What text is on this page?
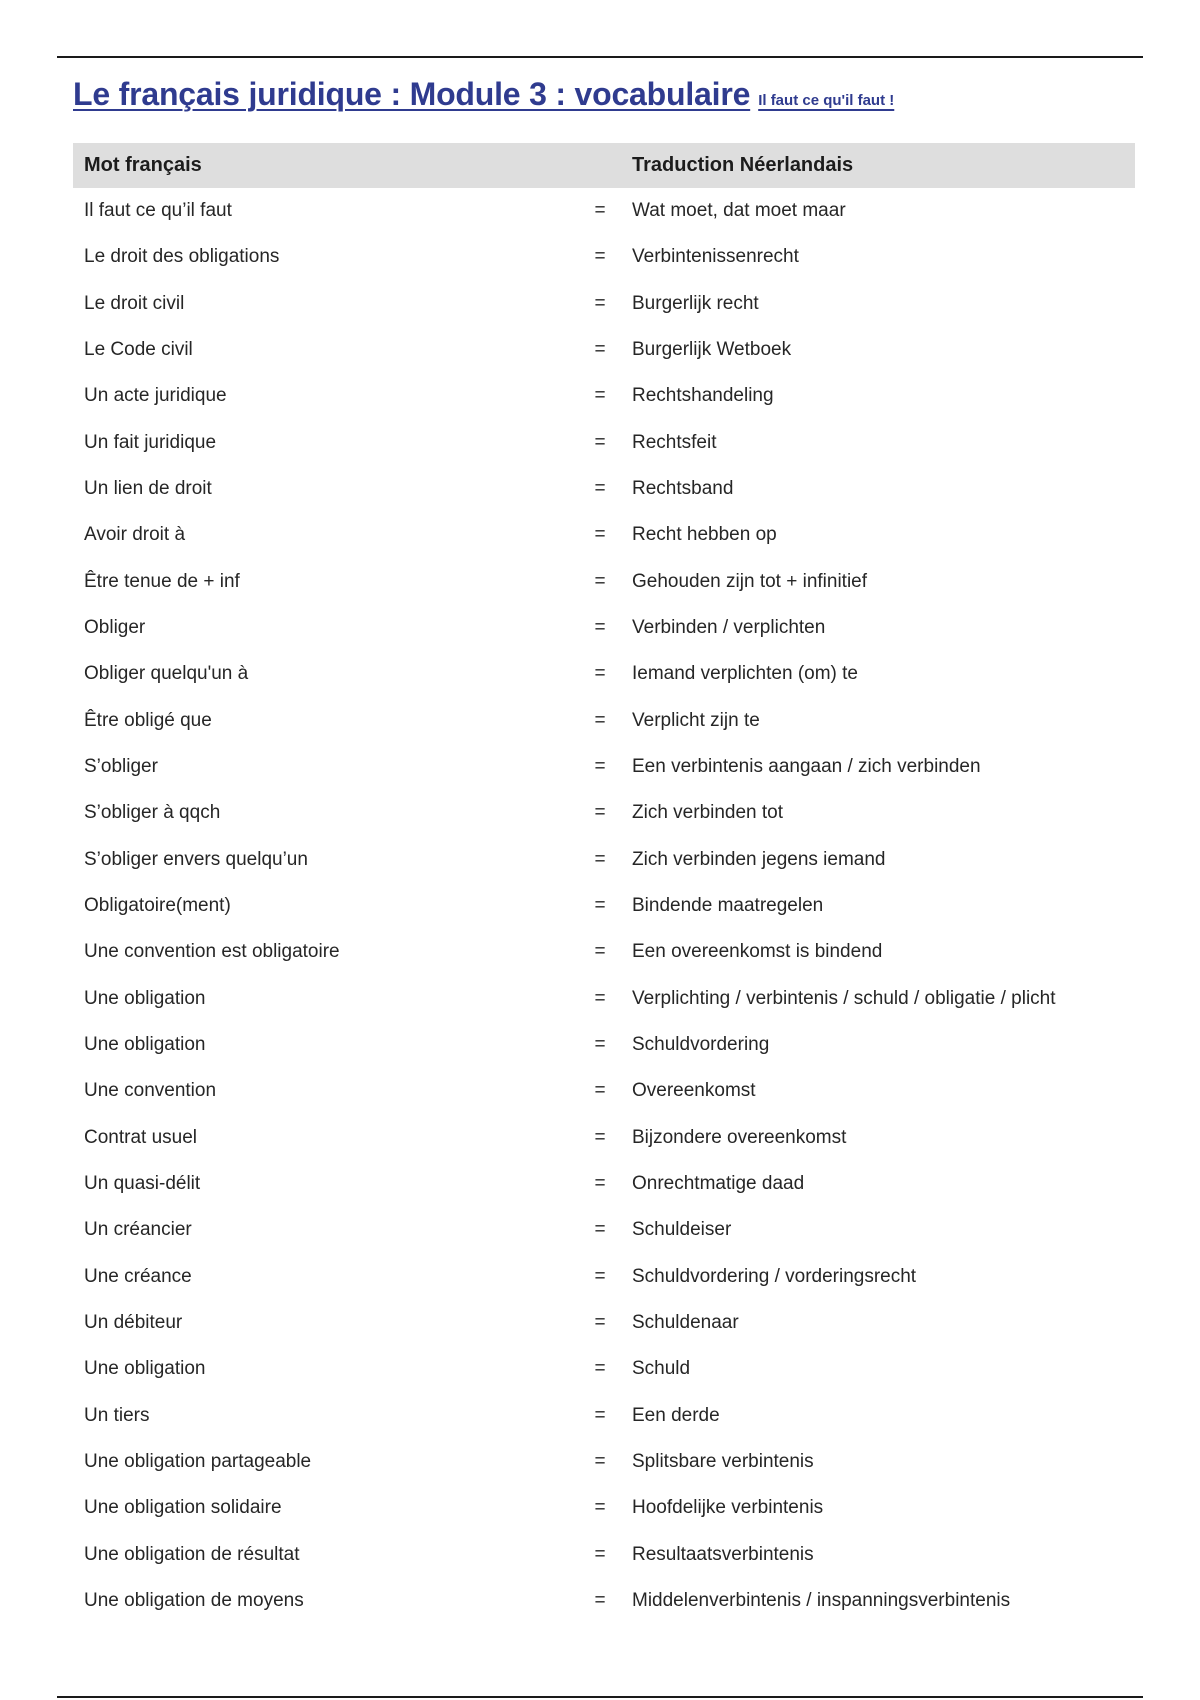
Le français juridique : Module 3 : vocabulaire Il faut ce qu'il faut !
Mot français	Traduction Néerlandais
Il faut ce qu’il faut	=	Wat moet, dat moet maar
Le droit des obligations	=	Verbintenissenrecht
Le droit civil	=	Burgerlijk recht
Le Code civil	=	Burgerlijk Wetboek
Un acte juridique	=	Rechtshandeling
Un fait juridique	=	Rechtsfeit
Un lien de droit	=	Rechtsband
Avoir droit à	=	Recht hebben op
Être tenue de + inf	=	Gehouden zijn tot + infinitief
Obliger	=	Verbinden / verplichten
Obliger quelqu'un à	=	Iemand verplichten (om) te
Être obligé que	=	Verplicht zijn te
S’obliger	=	Een verbintenis aangaan / zich verbinden
S’obliger à qqch	=	Zich verbinden tot
S’obliger envers quelqu’un	=	Zich verbinden jegens iemand
Obligatoire(ment)	=	Bindende maatregelen
Une convention est obligatoire	=	Een overeenkomst is bindend
Une obligation	=	Verplichting / verbintenis / schuld / obligatie / plicht
Une obligation	=	Schuldvordering
Une convention	=	Overeenkomst
Contrat usuel	=	Bijzondere overeenkomst
Un quasi-délit	=	Onrechtmatige daad
Un créancier	=	Schuldeiser
Une créance	=	Schuldvordering / vorderingsrecht
Un débiteur	=	Schuldenaar
Une obligation	=	Schuld
Un tiers	=	Een derde
Une obligation partageable	=	Splitsbare verbintenis
Une obligation solidaire	=	Hoofdelijke verbintenis
Une obligation de résultat	=	Resultaatsverbintenis
Une obligation de moyens	=	Middelenverbintenis / inspanningsverbintenis
